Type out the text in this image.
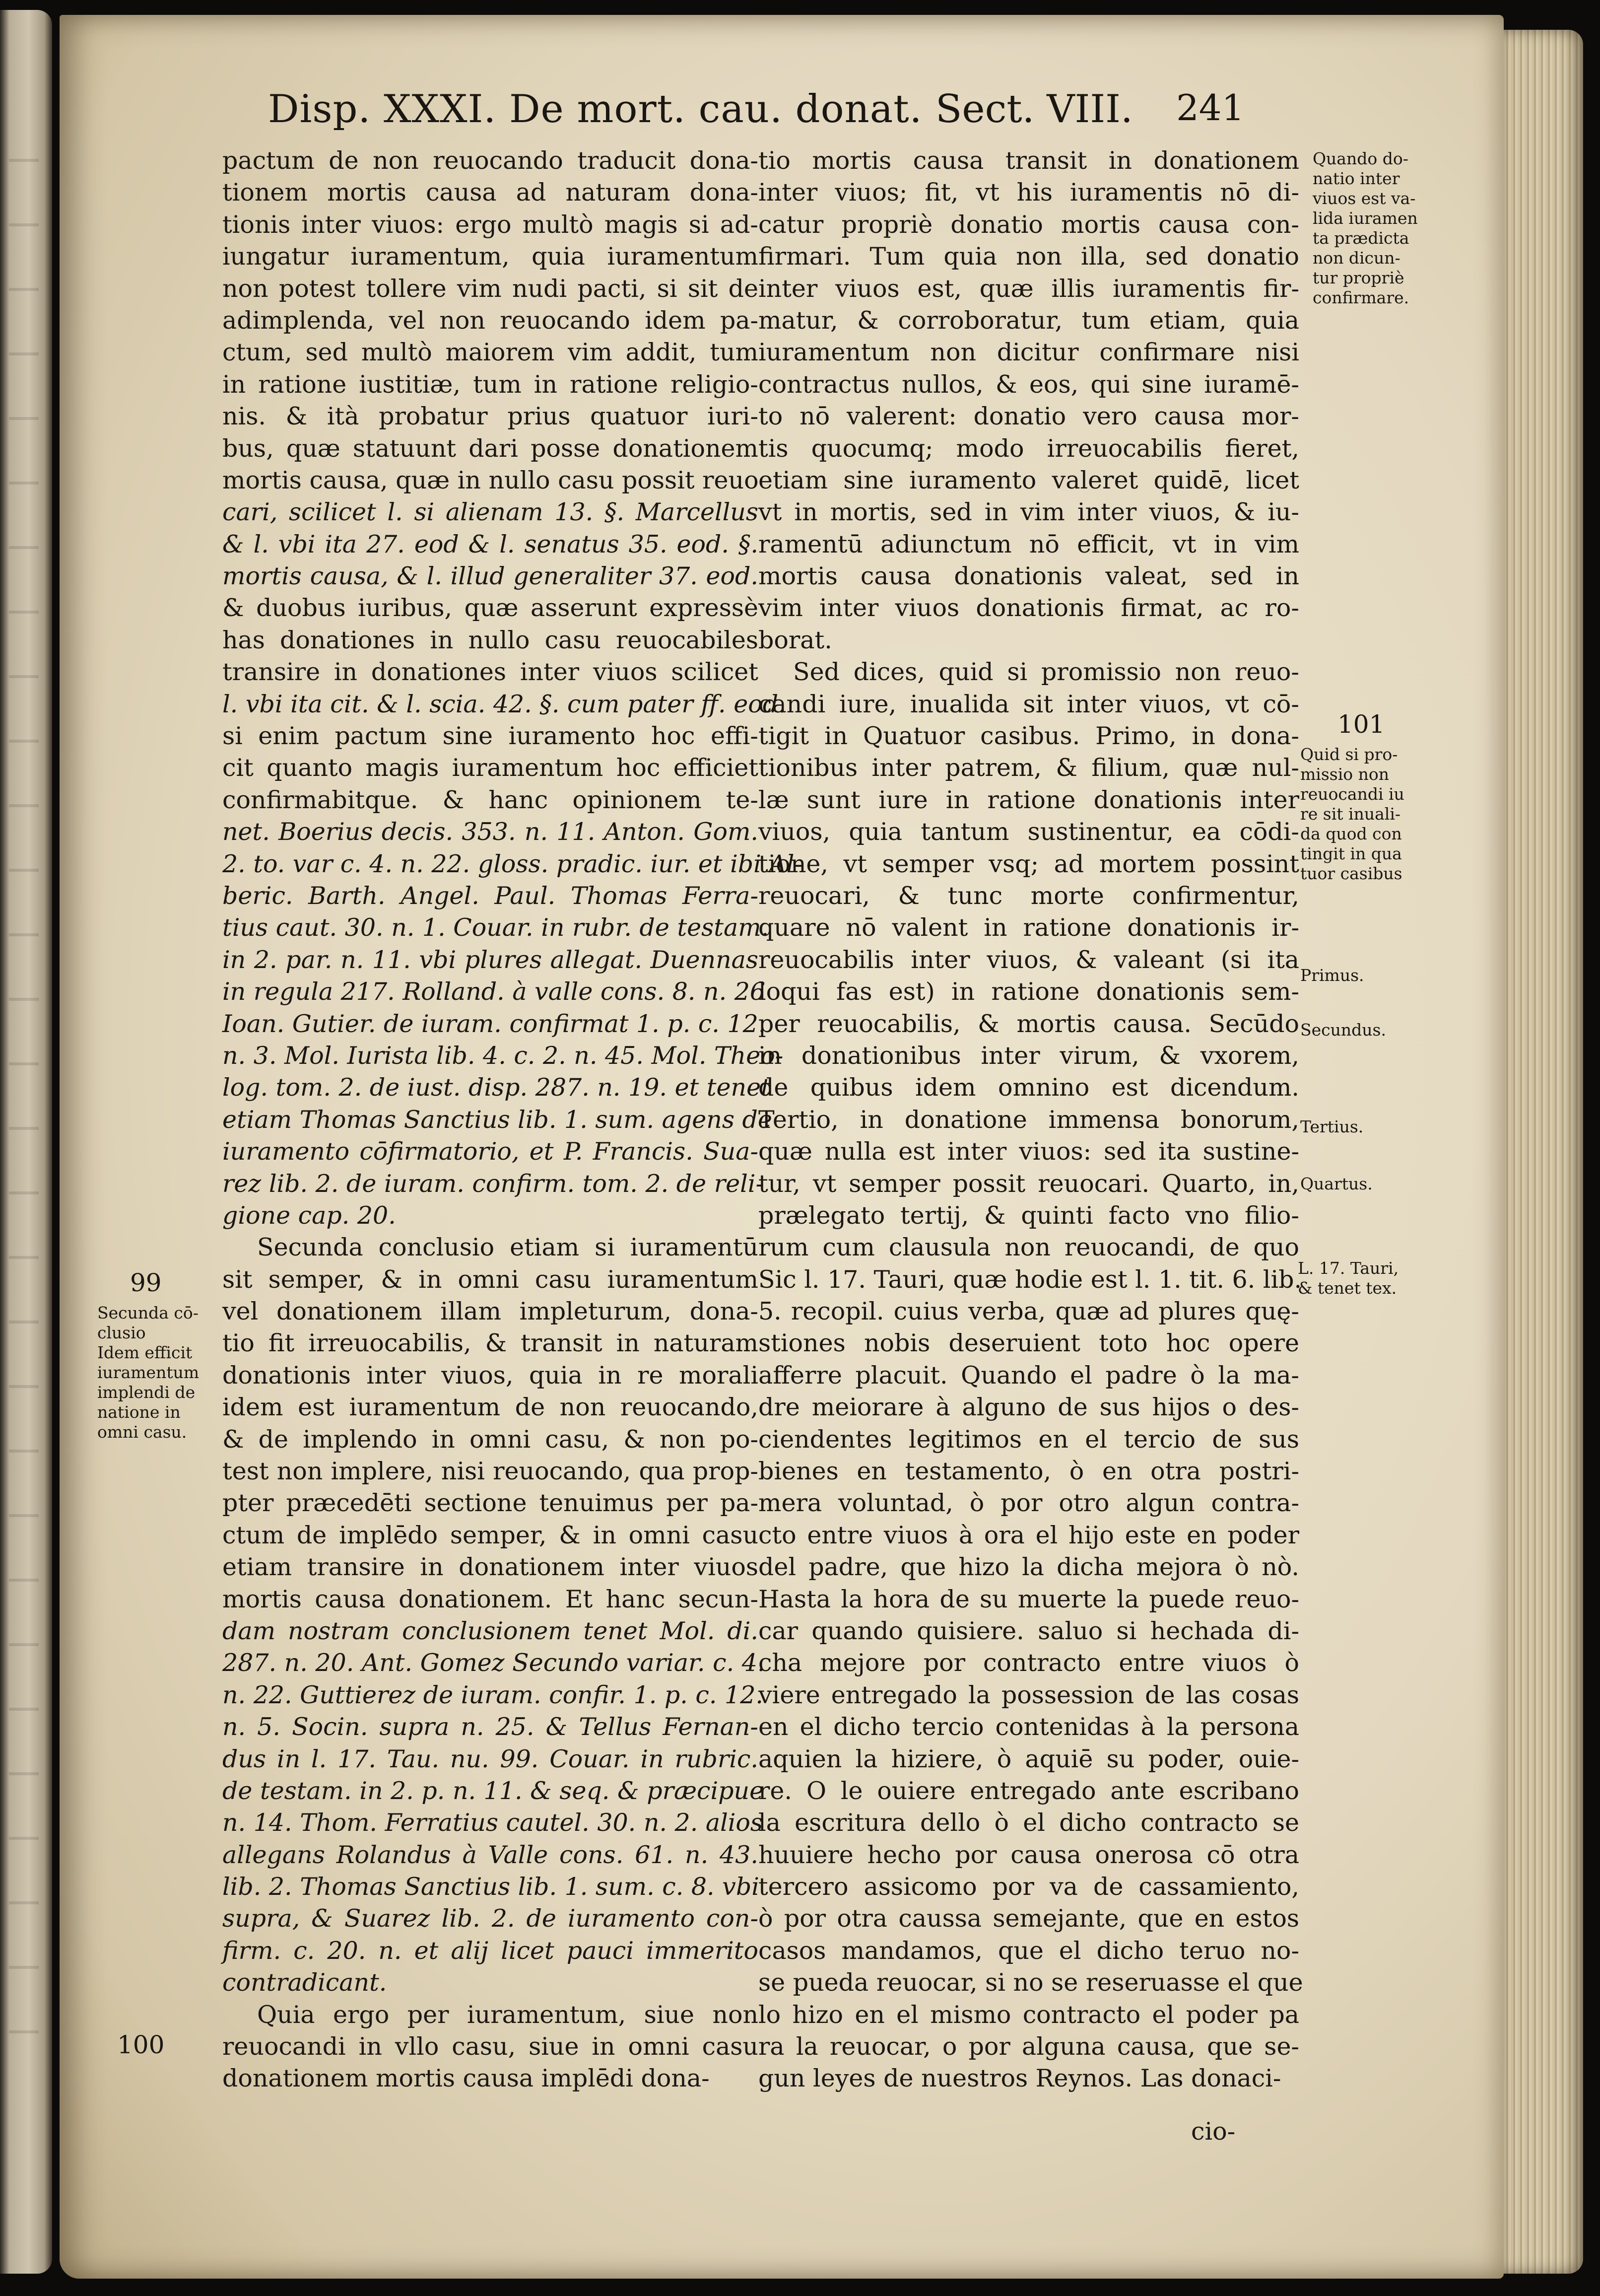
Disp. XXXI. De mort. cau. donat. Sect. VIII. 241
pactum de non reuocando traducit dona-
tionem mortis causa ad naturam dona-
tionis inter viuos: ergo multò magis si ad-
iungatur iuramentum, quia iuramentum
non potest tollere vim nudi pacti, si sit de
adimplenda, vel non reuocando idem pa-
ctum, sed multò maiorem vim addit, tum
in ratione iustitiæ, tum in ratione religio-
nis. & ità probatur prius quatuor iuri-
bus, quæ statuunt dari posse donationem
mortis causa, quæ in nullo casu possit reuo
cari, scilicet l. si alienam 13. §. Marcellus
& l. vbi ita 27. eod & l. senatus 35. eod. §.
mortis causa, & l. illud generaliter 37. eod.
& duobus iuribus, quæ asserunt expressè
has donationes in nullo casu reuocabiles
transire in donationes inter viuos scilicet
l. vbi ita cit. & l. scia. 42. §. cum pater ff. eod.
si enim pactum sine iuramento hoc effi-
cit quanto magis iuramentum hoc efficiet
confirmabitque. & hanc opinionem te-
net. Boerius decis. 353. n. 11. Anton. Gom.
2. to. var c. 4. n. 22. gloss. pradic. iur. et ibi Al-
beric. Barth. Angel. Paul. Thomas Ferra-
tius caut. 30. n. 1. Couar. in rubr. de testam.
in 2. par. n. 11. vbi plures allegat. Duennas
in regula 217. Rolland. à valle cons. 8. n. 26
Ioan. Gutier. de iuram. confirmat 1. p. c. 12.
n. 3. Mol. Iurista lib. 4. c. 2. n. 45. Mol. Theo-
log. tom. 2. de iust. disp. 287. n. 19. et tenet
etiam Thomas Sanctius lib. 1. sum. agens de
iuramento cōfirmatorio, et P. Francis. Sua-
rez lib. 2. de iuram. confirm. tom. 2. de reli-
gione cap. 20.
Secunda conclusio etiam si iuramentū
sit semper, & in omni casu iuramentum
vel donationem illam impleturum, dona-
tio fit irreuocabilis, & transit in naturam
donationis inter viuos, quia in re morali
idem est iuramentum de non reuocando,
& de implendo in omni casu, & non po-
test non implere, nisi reuocando, qua prop-
pter præcedēti sectione tenuimus per pa-
ctum de implēdo semper, & in omni casu
etiam transire in donationem inter viuos
mortis causa donationem. Et hanc secun-
dam nostram conclusionem tenet Mol. di.
287. n. 20. Ant. Gomez Secundo variar. c. 4.
n. 22. Guttierez de iuram. confir. 1. p. c. 12.
n. 5. Socin. supra n. 25. & Tellus Fernan-
dus in l. 17. Tau. nu. 99. Couar. in rubric.
de testam. in 2. p. n. 11. & seq. & præcipue
n. 14. Thom. Ferratius cautel. 30. n. 2. alios
allegans Rolandus à Valle cons. 61. n. 43.
lib. 2. Thomas Sanctius lib. 1. sum. c. 8. vbi
supra, & Suarez lib. 2. de iuramento con-
firm. c. 20. n. et alij licet pauci immerito
contradicant.
Quia ergo per iuramentum, siue non
reuocandi in vllo casu, siue in omni casu
donationem mortis causa implēdi dona-
tio mortis causa transit in donationem
inter viuos; fit, vt his iuramentis nō di-
catur propriè donatio mortis causa con-
firmari. Tum quia non illa, sed donatio
inter viuos est, quæ illis iuramentis fir-
matur, & corroboratur, tum etiam, quia
iuramentum non dicitur confirmare nisi
contractus nullos, & eos, qui sine iuramē-
to nō valerent: donatio vero causa mor-
tis quocumq; modo irreuocabilis fieret,
etiam sine iuramento valeret quidē, licet
vt in mortis, sed in vim inter viuos, & iu-
ramentū adiunctum nō efficit, vt in vim
mortis causa donationis valeat, sed in
vim inter viuos donationis firmat, ac ro-
borat.
Sed dices, quid si promissio non reuo-
candi iure, inualida sit inter viuos, vt cō-
tigit in Quatuor casibus. Primo, in dona-
tionibus inter patrem, & filium, quæ nul-
læ sunt iure in ratione donationis inter
viuos, quia tantum sustinentur, ea cōdi-
tione, vt semper vsq; ad mortem possint
reuocari, & tunc morte confirmentur,
quare nō valent in ratione donationis ir-
reuocabilis inter viuos, & valeant (si ita
loqui fas est) in ratione donationis sem-
per reuocabilis, & mortis causa. Secūdo
in donationibus inter virum, & vxorem,
de quibus idem omnino est dicendum.
Tertio, in donatione immensa bonorum,
quæ nulla est inter viuos: sed ita sustine-
tur, vt semper possit reuocari. Quarto, in,
prælegato tertij, & quinti facto vno filio-
rum cum clausula non reuocandi, de quo
Sic l. 17. Tauri, quæ hodie est l. 1. tit. 6. lib.
5. recopil. cuius verba, quæ ad plures quę-
stiones nobis deseruient toto hoc opere
afferre placuit. Quando el padre ò la ma-
dre meiorare à alguno de sus hijos o des-
ciendentes legitimos en el tercio de sus
bienes en testamento, ò en otra postri-
mera voluntad, ò por otro algun contra-
cto entre viuos à ora el hijo este en poder
del padre, que hizo la dicha mejora ò nò.
Hasta la hora de su muerte la puede reuo-
car quando quisiere. saluo si hechada di-
cha mejore por contracto entre viuos ò
viere entregado la possession de las cosas
en el dicho tercio contenidas à la persona
aquien la hiziere, ò aquiē su poder, ouie-
re. O le ouiere entregado ante escribano
la escritura dello ò el dicho contracto se
huuiere hecho por causa onerosa cō otra
tercero assicomo por va de cassamiento,
ò por otra caussa semejante, que en estos
casos mandamos, que el dicho teruo no-
se pueda reuocar, si no se reseruasse el que
lo hizo en el mismo contracto el poder pa
ra la reuocar, o por alguna causa, que se-
gun leyes de nuestros Reynos. Las donaci-
cio-
99
Secunda cō-
clusio
Idem efficit
iuramentum
implendi de
natione in
omni casu.
100
Quando do-
natio inter
viuos est va-
lida iuramen
ta prædicta
non dicun-
tur propriè
confirmare.
101
Quid si pro-
missio non
reuocandi iu
re sit inuali-
da quod con
tingit in qua
tuor casibus
Primus.
Secundus.
Tertius.
Quartus.
L. 17. Tauri,
& tenet tex.
